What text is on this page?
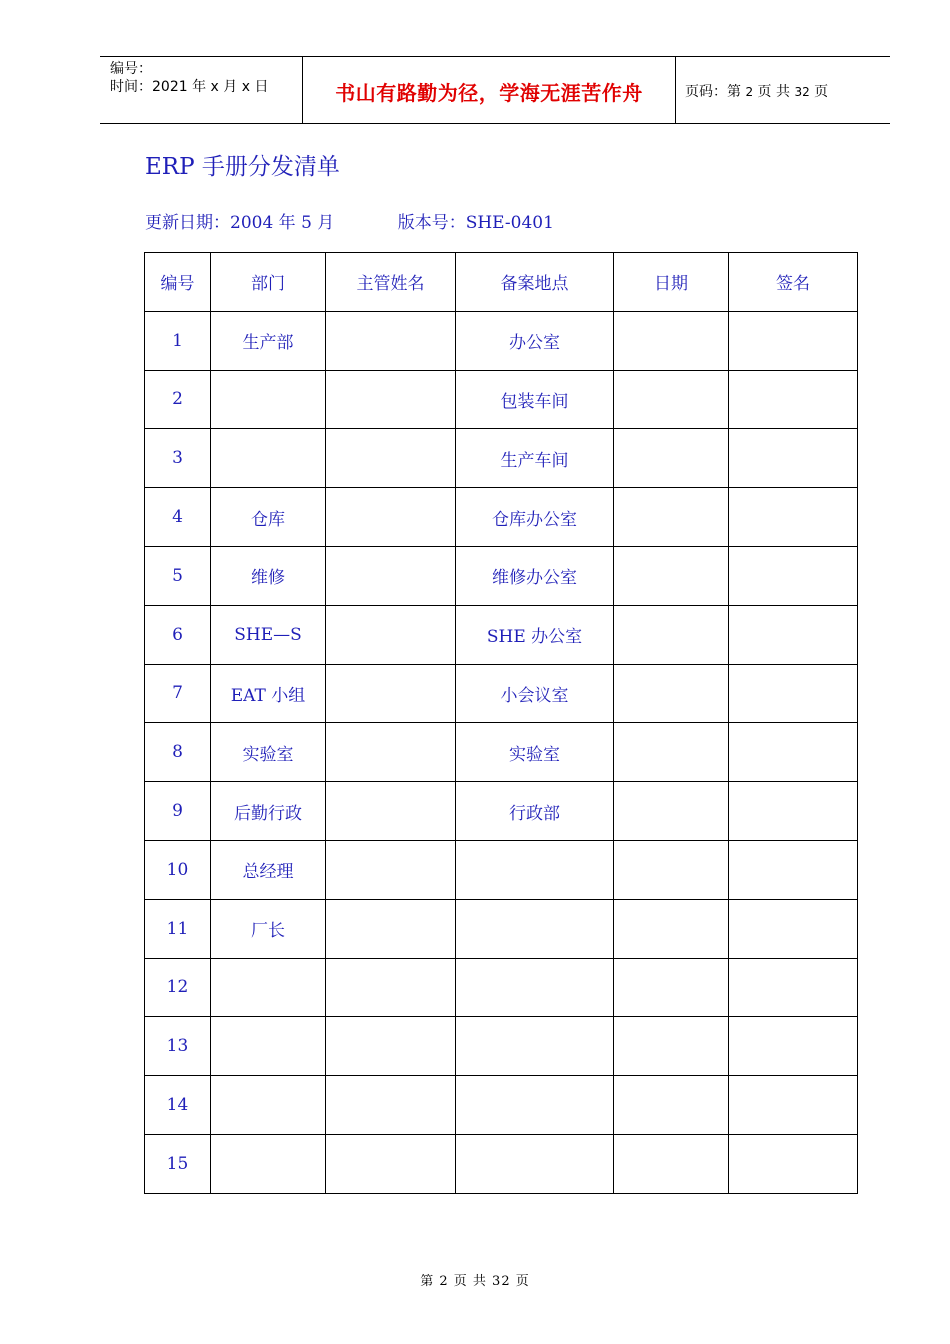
编号：
时间：2021 年 x 月 x 日	书山有路勤为径，学海无涯苦作舟	页码：第 2 页 共 32 页
ERP 手册分发清单
更新日期：2004 年 5 月	版本号：SHE-0401
编号	部门	主管姓名	备案地点	日期	签名
1	生产部		办公室		
2			包装车间		
3			生产车间		
4	仓库		仓库办公室		
5	维修		维修办公室		
6	SHE—S		SHE 办公室		
7	EAT 小组		小会议室		
8	实验室		实验室		
9	后勤行政		行政部		
10	总经理				
11	厂长				
12					
13					
14					
15					
第 2 页 共 32 页
